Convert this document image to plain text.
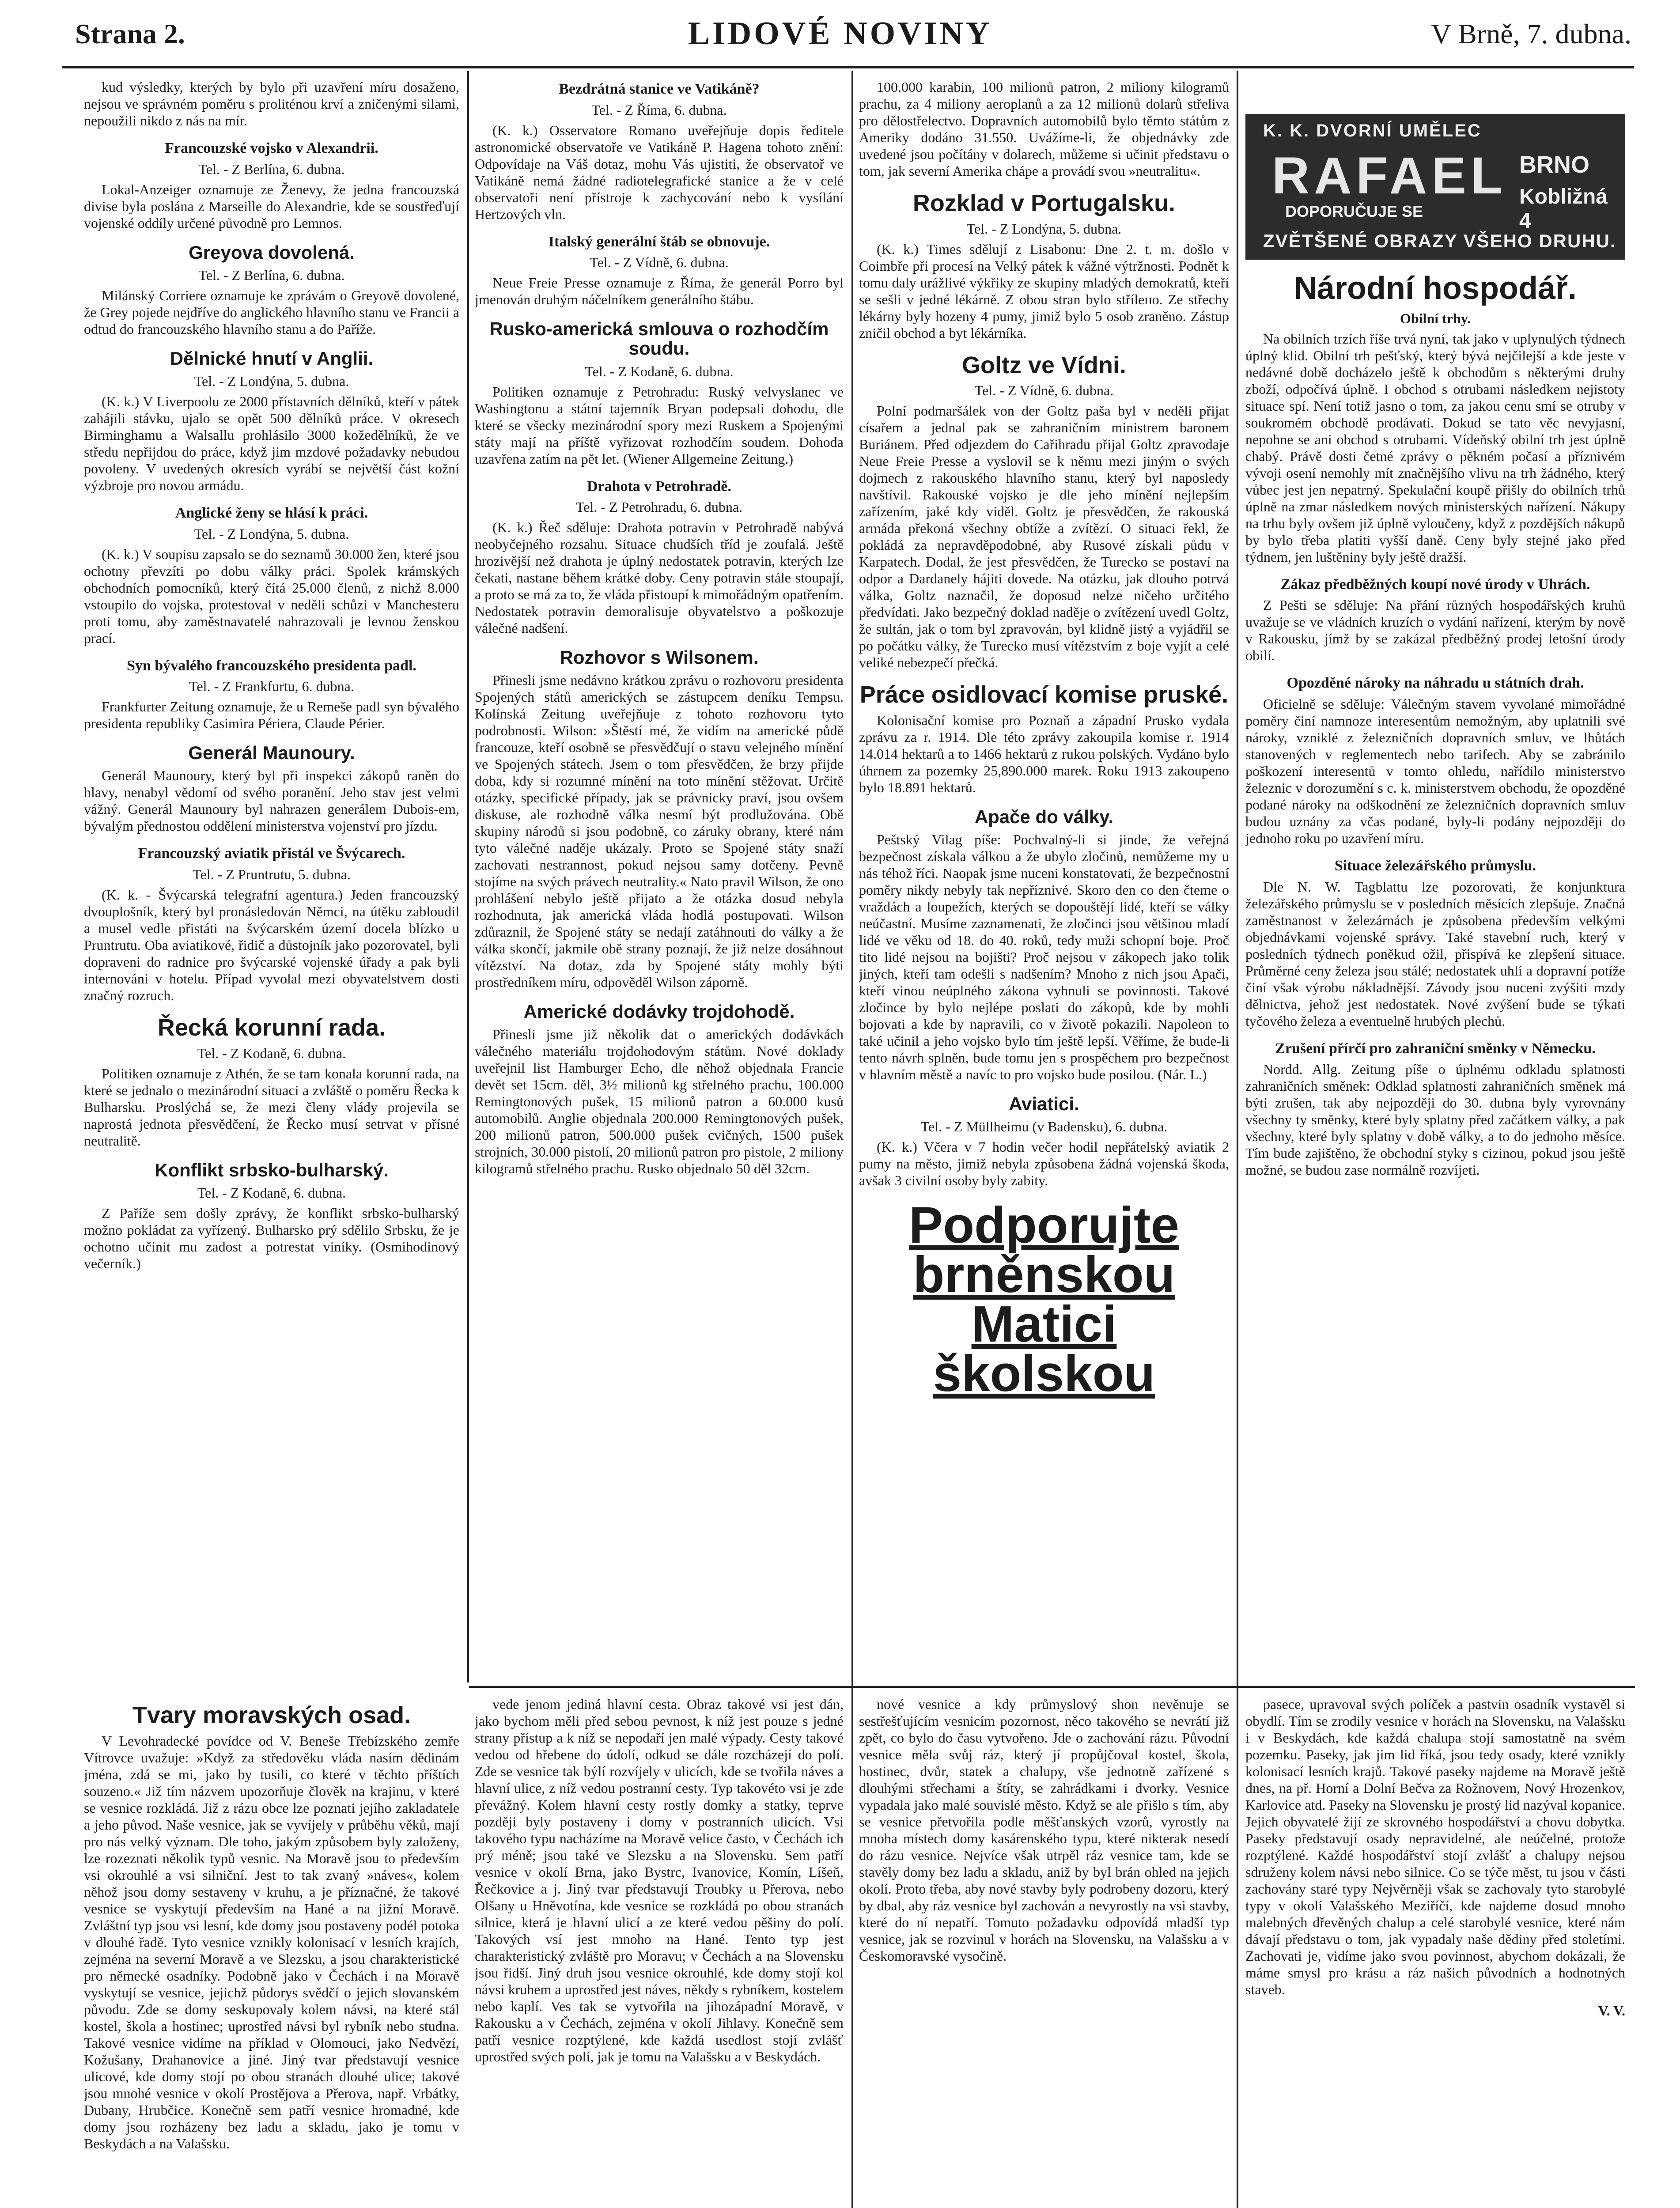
Strana 2.	LIDOVÉ NOVINY	V Brně, 7. dubna.

kud výsledky, kterých by bylo při uzavření míru dosaženo, nejsou ve správném poměru s proliténou krví a zničenými silami, nepoužili nikdo z nás na mír.

Francouzské vojsko v Alexandrii.
Tel. - Z Berlína, 6. dubna.

Lokal-Anzeiger oznamuje ze Ženevy, že jedna francouzská divise byla poslána z Marseille do Alexandrie, kde se soustřeďují vojenské oddíly určené původně pro Lemnos.

Greyova dovolená.
Tel. - Z Berlína, 6. dubna.

Milánský Corriere oznamuje ke zprávám o Greyově dovolené, že Grey pojede nejdříve do anglického hlavního stanu ve Francii a odtud do francouzského hlavního stanu a do Paříže.

Dělnické hnutí v Anglii.
Tel. - Z Londýna, 5. dubna.

(K. k.) V Liverpoolu ze 2000 přístavních dělníků, kteří v pátek zahájili stávku, ujalo se opět 500 dělníků práce. V okresech Birminghamu a Walsallu prohlásilo 3000 kožedělníků, že ve středu nepřijdou do práce, když jim mzdové požadavky nebudou povoleny. V uvedených okresích vyrábí se největší část kožní výzbroje pro novou armádu.

Anglické ženy se hlásí k práci.
Tel. - Z Londýna, 5. dubna.

(K. k.) V soupisu zapsalo se do seznamů 30.000 žen, které jsou ochotny převzíti po dobu války práci. Spolek krámských obchodních pomocníků, který čítá 25.000 členů, z nichž 8.000 vstoupilo do vojska, protestoval v neděli schůzi v Manchesteru proti tomu, aby zaměstnavatelé nahrazovali je levnou ženskou prací.

Syn bývalého francouzského presidenta padl.
Tel. - Z Frankfurtu, 6. dubna.

Frankfurter Zeitung oznamuje, že u Remeše padl syn bývalého presidenta republiky Casimira Périera, Claude Périer.

Generál Maunoury.

Generál Maunoury, který byl při inspekci zákopů raněn do hlavy, nenabyl vědomí od svého poranění. Jeho stav jest velmi vážný. Generál Maunoury byl nahrazen generálem Dubois-em, bývalým přednostou oddělení ministerstva vojenství pro jízdu.

Francouzský aviatik přistál ve Švýcarech.
Tel. - Z Pruntrutu, 5. dubna.

(K. k. - Švýcarská telegrafní agentura.) Jeden francouzský dvouplošník, který byl pronásledován Němci, na útěku zabloudil a musel vedle přistáti na švýcarském území docela blízko u Pruntrutu. Oba aviatikové, řidič a důstojník jako pozorovatel, byli dopraveni do radnice pro švýcarské vojenské úřady a pak byli internováni v hotelu. Případ vyvolal mezi obyvatelstvem dosti značný rozruch.

Řecká korunní rada.
Tel. - Z Kodaně, 6. dubna.

Politiken oznamuje z Athén, že se tam konala korunní rada, na které se jednalo o mezinárodní situaci a zvláště o poměru Řecka k Bulharsku. Proslýchá se, že mezi členy vlády projevila se naprostá jednota přesvědčení, že Řecko musí setrvat v přísné neutralitě.

Konflikt srbsko-bulharský.
Tel. - Z Kodaně, 6. dubna.

Z Paříže sem došly zprávy, že konflikt srbsko-bulharský možno pokládat za vyřízený. Bulharsko prý sdělilo Srbsku, že je ochotno učinit mu zadost a potrestat viníky. (Osmihodinový večerník.)

Tvary moravských osad.

V Levohradecké povídce od V. Beneše Třebízského zemře Vítrovce uvažuje: »Když za středověku vláda nasím dědinám jména, zdá se mi, jako by tusili, co které v těchto příštích souzeno.« Již tím názvem upozorňuje člověk na krajinu, v které se vesnice rozkládá. Již z rázu obce lze poznati jejího zakladatele a jeho původ. Naše vesnice, jak se vyvíjely v průběhu věků, mají pro nás velký význam. Dle toho, jakým způsobem byly založeny, lze rozeznati několik typů vesnic. Na Moravě jsou to především vsi okrouhlé a vsi silniční. Jest to tak zvaný »náves«, kolem něhož jsou domy sestaveny v kruhu, a je příznačné, že takové vesnice se vyskytují především na Hané a na jižní Moravě. Zvláštní typ jsou vsi lesní, kde domy jsou postaveny podél potoka v dlouhé řadě. Tyto vesnice vznikly kolonisací v lesních krajích, zejména na severní Moravě a ve Slezsku, a jsou charakteristické pro německé osadníky. Podobně jako v Čechách i na Moravě vyskytují se vesnice, jejichž půdorys svědčí o jejich slovanském původu. Zde se domy seskupovaly kolem návsi, na které stál kostel, škola a hostinec; uprostřed návsi byl rybník nebo studna. Takové vesnice vidíme na příklad v Olomouci, jako Nedvězí, Kožušany, Drahanovice a jiné. Jiný tvar představují vesnice ulicové, kde domy stojí po obou stranách dlouhé ulice; takové jsou mnohé vesnice v okolí Prostějova a Přerova, např. Vrbátky, Dubany, Hrubčice. Konečně sem patří vesnice hromadné, kde domy jsou rozházeny bez ladu a skladu, jako je tomu v Beskydách a na Valašsku.

Bezdrátná stanice ve Vatikáně?
Tel. - Z Říma, 6. dubna.

(K. k.) Osservatore Romano uveřejňuje dopis ředitele astronomické observatoře ve Vatikáně P. Hagena tohoto znění: Odpovídaje na Váš dotaz, mohu Vás ujistiti, že observatoř ve Vatikáně nemá žádné radiotelegrafické stanice a že v celé observatoři není přístroje k zachycování nebo k vysílání Hertzových vln.

Italský generální štáb se obnovuje.
Tel. - Z Vídně, 6. dubna.

Neue Freie Presse oznamuje z Říma, že generál Porro byl jmenován druhým náčelníkem generálního štábu.

Rusko-americká smlouva o rozhodčím soudu.
Tel. - Z Kodaně, 6. dubna.

Politiken oznamuje z Petrohradu: Ruský velvyslanec ve Washingtonu a státní tajemník Bryan podepsali dohodu, dle které se všecky mezinárodní spory mezi Ruskem a Spojenými státy mají na příště vyřizovat rozhodčím soudem. Dohoda uzavřena zatím na pět let. (Wiener Allgemeine Zeitung.)

Drahota v Petrohradě.
Tel. - Z Petrohradu, 6. dubna.

(K. k.) Řeč sděluje: Drahota potravin v Petrohradě nabývá neobyčejného rozsahu. Situace chudších tříd je zoufalá. Ještě hrozivější než drahota je úplný nedostatek potravin, kterých lze čekati, nastane během krátké doby. Ceny potravin stále stoupají, a proto se má za to, že vláda přistoupí k mimořádným opatřením. Nedostatek potravin demoralisuje obyvatelstvo a poškozuje válečné nadšení.

Rozhovor s Wilsonem.

Přinesli jsme nedávno krátkou zprávu o rozhovoru presidenta Spojených států amerických se zástupcem deníku Tempsu. Kolínská Zeitung uveřejňuje z tohoto rozhovoru tyto podrobnosti. Wilson: »Štěstí mé, že vidím na americké půdě francouze, kteří osobně se přesvědčují o stavu velejného mínění ve Spojených státech. Jsem o tom přesvědčen, že brzy přijde doba, kdy si rozumné mínění na toto mínění stěžovat. Určitě otázky, specifické případy, jak se právnicky praví, jsou ovšem diskuse, ale rozhodně válka nesmí být prodlužována. Obě skupiny národů si jsou podobně, co záruky obrany, které nám tyto válečné naděje ukázaly. Proto se Spojené státy snaží zachovati nestrannost, pokud nejsou samy dotčeny. Pevně stojíme na svých právech neutrality.« Nato pravil Wilson, že ono prohlášení nebylo ještě přijato a že otázka dosud nebyla rozhodnuta, jak americká vláda hodlá postupovati. Wilson zdůraznil, že Spojené státy se nedají zatáhnouti do války a že válka skončí, jakmile obě strany poznají, že již nelze dosáhnout vítězství. Na dotaz, zda by Spojené státy mohly býti prostředníkem míru, odpověděl Wilson záporně.

Americké dodávky trojdohodě.

Přinesli jsme již několik dat o amerických dodávkách válečného materiálu trojdohodovým státům. Nové doklady uveřejnil list Hamburger Echo, dle něhož objednala Francie devět set 15cm. děl, 3½ milionů kg střelného prachu, 100.000 Remingtonových pušek, 15 milionů patron a 60.000 kusů automobilů. Anglie objednala 200.000 Remingtonových pušek, 200 milionů patron, 500.000 pušek cvičných, 1500 pušek strojních, 30.000 pistolí, 20 milionů patron pro pistole, 2 miliony kilogramů střelného prachu. Rusko objednalo 50 děl 32cm.

vede jenom jediná hlavní cesta. Obraz takové vsi jest dán, jako bychom měli před sebou pevnost, k níž jest pouze s jedné strany přístup a k níž se nepodaří jen malé výpady. Cesty takové vedou od hřebene do údolí, odkud se dále rozcházejí do polí. Zde se vesnice tak býlí rozvíjely v ulicích, kde se tvořila náves a hlavní ulice, z níž vedou postranní cesty. Typ takovéto vsi je zde převážný. Kolem hlavní cesty rostly domky a statky, teprve později byly postaveny i domy v postranních ulicích. Vsi takového typu nacházíme na Moravě velice často, v Čechách ich prý méně; jsou také ve Slezsku a na Slovensku. Sem patří vesnice v okolí Brna, jako Bystrc, Ivanovice, Komín, Líšeň, Řečkovice a j. Jiný tvar představují Troubky u Přerova, nebo Olšany u Hněvotína, kde vesnice se rozkládá po obou stranách silnice, která je hlavní ulicí a ze které vedou pěšiny do polí. Takových vsí jest mnoho na Hané. Tento typ jest charakteristický zvláště pro Moravu; v Čechách a na Slovensku jsou řidší. Jiný druh jsou vesnice okrouhlé, kde domy stojí kol návsi kruhem a uprostřed jest náves, někdy s rybníkem, kostelem nebo kaplí. Ves tak se vytvořila na jihozápadní Moravě, v Rakousku a v Čechách, zejména v okolí Jihlavy. Konečně sem patří vesnice rozptýlené, kde každá usedlost stojí zvlášť uprostřed svých polí, jak je tomu na Valašsku a v Beskydách.

100.000 karabin, 100 milionů patron, 2 miliony kilogramů prachu, za 4 miliony aeroplanů a za 12 milionů dolarů střeliva pro dělostřelectvo. Dopravních automobilů bylo těmto státům z Ameriky dodáno 31.550. Uvážíme-li, že objednávky zde uvedené jsou počítány v dolarech, můžeme si učinit představu o tom, jak severní Amerika chápe a provádí svou »neutralitu«.

Rozklad v Portugalsku.
Tel. - Z Londýna, 5. dubna.

(K. k.) Times sdělují z Lisabonu: Dne 2. t. m. došlo v Coimbře při procesí na Velký pátek k vážné výtržnosti. Podnět k tomu daly urážlivé výkřiky ze skupiny mladých demokratů, kteří se sešli v jedné lékárně. Z obou stran bylo střílено. Ze střechy lékárny byly hozeny 4 pumy, jimiž bylo 5 osob zraněno. Zástup zničil obchod a byt lékárníka.

Goltz ve Vídni.
Tel. - Z Vídně, 6. dubna.

Polní podmaršálek von der Goltz paša byl v neděli přijat císařem a jednal pak se zahraničním ministrem baronem Buriánem. Před odjezdem do Cařihradu přijal Goltz zpravodaje Neue Freie Presse a vyslovil se k němu mezi jiným o svých dojmech z rakouského hlavního stanu, který byl naposledy navštívil. Rakouské vojsko je dle jeho mínění nejlepším zařízením, jaké kdy viděl. Goltz je přesvědčen, že rakouská armáda překoná všechny obtíže a zvítězí. O situaci řekl, že pokládá za nepravděpodobné, aby Rusové získali půdu v Karpatech. Dodal, že jest přesvědčen, že Turecko se postaví na odpor a Dardanely hájiti dovede. Na otázku, jak dlouho potrvá válka, Goltz naznačil, že doposud nelze ničeho určitého předvídati. Jako bezpečný doklad naděje o zvítězení uvedl Goltz, že sultán, jak o tom byl zpravován, byl klidně jistý a vyjádřil se po počátku války, že Turecko musí vítězstvím z boje vyjít a celé veliké nebezpečí přečká.

Práce osidlovací komise pruské.

Kolonisační komise pro Poznaň a západní Prusko vydala zprávu za r. 1914. Dle této zprávy zakoupila komise r. 1914 14.014 hektarů a to 1466 hektarů z rukou polských. Vydáno bylo úhrnem za pozemky 25,890.000 marek. Roku 1913 zakoupeno bylo 18.891 hektarů.

Apače do války.

Peštský Vilag píše: Pochvalný-li si jinde, že veřejná bezpečnost získala válkou a že ubylo zločinů, nemůžeme my u nás téhož říci. Naopak jsme nuceni konstatovati, že bezpečnostní poměry nikdy nebyly tak nepříznivé. Skoro den co den čteme o vraždách a loupežích, kterých se dopouštějí lidé, kteří se války neúčastní. Musíme zaznamenati, že zločinci jsou většinou mladí lidé ve věku od 18. do 40. roků, tedy muži schopní boje. Proč tito lidé nejsou na bojišti? Proč nejsou v zákopech jako tolik jiných, kteří tam odešli s nadšením? Mnoho z nich jsou Apači, kteří vinou neúplného zákona vyhnuli se povinnosti. Takové zločince by bylo nejlépe poslati do zákopů, kde by mohli bojovati a kde by napravili, co v životě pokazili. Napoleon to také učinil a jeho vojsko bylo tím ještě lepší. Věříme, že bude-li tento návrh splněn, bude tomu jen s prospěchem pro bezpečnost v hlavním městě a navíc to pro vojsko bude posilou. (Nár. L.)

Aviatici.
Tel. - Z Müllheimu (v Badensku), 6. dubna.

(K. k.) Včera v 7 hodin večer hodil nepřátelský aviatik 2 pumy na město, jimiž nebyla způsobena žádná vojenská škoda, avšak 3 civilní osoby byly zabity.

Podporujte brněnskou Matici školskou

nové vesnice a kdy průmyslový shon nevěnuje se sestřešťujícím vesnicím pozornost, něco takového se nevrátí již zpět, co bylo do času vytvořeno. Jde o zachování rázu. Původní vesnice měla svůj ráz, který jí propůjčoval kostel, škola, hostinec, dvůr, statek a chalupy, vše jednotně zařízené s dlouhými střechami a štíty, se zahrádkami i dvorky. Vesnice vypadala jako malé souvislé město. Když se ale přišlo s tím, aby se vesnice přetvořila podle měšťanských vzorů, vyrostly na mnoha místech domy kasárenského typu, které nikterak nesedí do rázu vesnice. Nejvíce však utrpěl ráz vesnice tam, kde se stavěly domy bez ladu a skladu, aniž by byl brán ohled na jejich okolí. Proto třeba, aby nové stavby byly podrobeny dozoru, který by dbal, aby ráz vesnice byl zachován a nevyrostly na vsi stavby, které do ní nepatří. Tomuto požadavku odpovídá mladší typ vesnice, jak se rozvinul v horách na Slovensku, na Valašsku a v Českomoravské vysočině.

K. K. DVORNÍ UMĚLEC
RAFAEL BRNO
DOPORUČUJE SE
Kobližná 4
ZVĚTŠENÉ OBRAZY VŠEHO DRUHU.
Národní hospodář.
Obilní trhy.

Na obilních trzích říše trvá nyní, tak jako v uplynulých týdnech úplný klid. Obilní trh pešťský, který bývá nejčilejší a kde jeste v nedávné době docházelo ještě k obchodům s některými druhy zboží, odpočívá úplně. I obchod s otrubami následkem nejistoty situace spí. Není totiž jasno o tom, za jakou cenu smí se otruby v soukromém obchodě prodávati. Dokud se tato věc nevyjasní, nepohne se ani obchod s otrubami. Vídeňský obilní trh jest úplně chabý. Právě dosti četné zprávy o pěkném počasí a příznivém vývoji osení nemohly mít značnějšího vlivu na trh žádného, který vůbec jest jen nepatrný. Spekulační koupě přišly do obilních trhů úplně na zmar následkem nových ministerských nařízení. Nákupy na trhu byly ovšem již úplně vyloučeny, když z pozdějších nákupů by bylo třeba platiti vyšší daně. Ceny byly stejné jako před týdnem, jen luštěniny byly ještě dražší.

Zákaz předběžných koupí nové úrody v Uhrách.

Z Pešti se sděluje: Na přání různých hospodářských kruhů uvažuje se ve vládních kruzích o vydání nařízení, kterým by nově v Rakousku, jímž by se zakázal předběžný prodej letošní úrody obilí.

Opozděné nároky na náhradu u státních drah.

Oficielně se sděluje: Válečným stavem vyvolané mimořádné poměry činí namnoze interesentům nemožným, aby uplatnili své nároky, vzniklé z železničních dopravních smluv, ve lhůtách stanovených v reglementech nebo tarifech. Aby se zabránilo poškození interesentů v tomto ohledu, nařídilo ministerstvo železnic v dorozumění s c. k. ministerstvem obchodu, že opozděné podané nároky na odškodnění ze železničních dopravních smluv budou uznány za včas podané, byly-li podány nejpozději do jednoho roku po uzavření míru.

Situace železářského průmyslu.

Dle N. W. Tagblattu lze pozorovati, že konjunktura železářského průmyslu se v posledních měsících zlepšuje. Značná zaměstnanost v železárnách je způsobena především velkými objednávkami vojenské správy. Také stavební ruch, který v posledních týdnech poněkud ožil, přispívá ke zlepšení situace. Průměrné ceny železa jsou stálé; nedostatek uhlí a dopravní potíže činí však výrobu nákladnější. Závody jsou nuceni zvýšiti mzdy dělnictva, jehož jest nedostatek. Nové zvýšení bude se týkati tyčového železa a eventuelně hrubých plechů.

Zrušení přírčí pro zahraniční směnky v Německu.

Nordd. Allg. Zeitung píše o úplnému odkladu splatnosti zahraničních směnek: Odklad splatnosti zahraničních směnek má býti zrušen, tak aby nejpozději do 30. dubna byly vyrovnány všechny ty směnky, které byly splatny před začátkem války, a pak všechny, které byly splatny v době války, a to do jednoho měsíce. Tím bude zajištěno, že obchodní styky s cizinou, pokud jsou ještě možné, se budou zase normálně rozvíjeti.

pasece, upravoval svých políček a pastvin osadník vystavěl si obydlí. Tím se zrodily vesnice v horách na Slovensku, na Valašsku i v Beskydách, kde každá chalupa stojí samostatně na svém pozemku. Paseky, jak jim lid říká, jsou tedy osady, které vznikly kolonisací lesních krajů. Takové paseky najdeme na Moravě ještě dnes, na př. Horní a Dolní Bečva za Rožnovem, Nový Hrozenkov, Karlovice atd. Paseky na Slovensku je prostý lid nazýval kopanice. Jejich obyvatelé žijí ze skrovného hospodářství a chovu dobytka. Paseky představují osady nepravidelné, ale neúčelné, protože rozptýlené. Každé hospodářství stojí zvlášť a chalupy nejsou sdruženy kolem návsi nebo silnice. Co se týče měst, tu jsou v části zachovány staré typy Nejvěrněji však se zachovaly tyto starobylé typy v okolí Valašského Meziříčí, kde najdeme dosud mnoho malebných dřevěných chalup a celé starobylé vesnice, které nám dávají představu o tom, jak vypadaly naše dědiny před stoletími. Zachovati je, vidíme jako svou povinnost, abychom dokázali, že máme smysl pro krásu a ráz našich původních a hodnotných staveb.

V. V.
